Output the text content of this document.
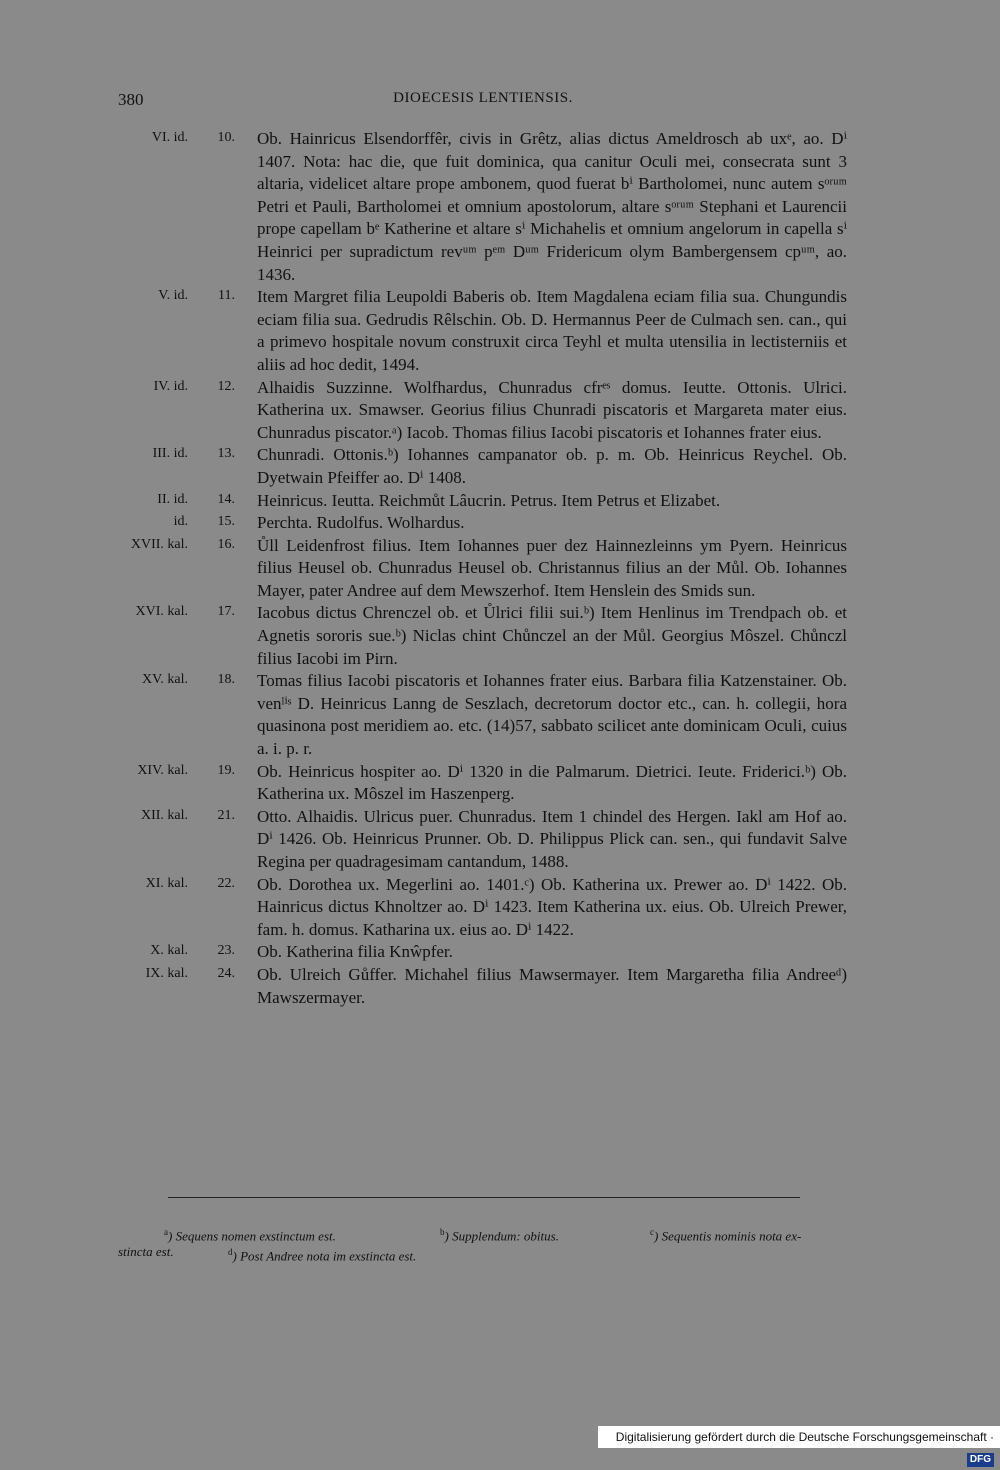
380	DIOECESIS LENTIENSIS.
VI. id.	10. Ob. Hainricus Elsendorffêr, civis in Grêtz, alias dictus Ameldrosch ab uxᵉ, ao. Dⁱ 1407. Nota: hac die, que fuit dominica, qua canitur Oculi mei, consecrata sunt 3 altaria, videlicet altare prope ambonem, quod fuerat bⁱ Bartholomei, nunc autem sᵒʳᵘᵐ Petri et Pauli, Bartholomei et omnium apostolorum, altare sᵒʳᵘᵐ Stephani et Laurencii prope capellam bᵉ Katherine et altare sⁱ Michahelis et omnium angelorum in capella sⁱ Heinrici per supradictum revᵘᵐ pᵉᵐ Dᵘᵐ Fridericum olym Bambergensem cpᵘᵐ, ao. 1436.
V. id.	11. Item Margret filia Leupoldi Baberis ob. Item Magdalena eciam filia sua. Chungundis eciam filia sua. Gedrudis Rêlschin. Ob. D. Hermannus Peer de Culmach sen. can., qui a primevo hospitale novum construxit circa Teyhl et multa utensilia in lectisterniis et aliis ad hoc dedit, 1494.
IV. id.	12. Alhaidis Suzzinne. Wolfhardus, Chunradus cfrᵉˢ domus. Ieutte. Ottonis. Ulrici. Katherina ux. Smawser. Georius filius Chunradi piscatoris et Margareta mater eius. Chunradus piscator.ᵃ) Iacob. Thomas filius Iacobi piscatoris et Iohannes frater eius.
III. id.	13. Chunradi. Ottonis.ᵇ) Iohannes campanator ob. p. m. Ob. Heinricus Reychel. Ob. Dyetwain Pfeiffer ao. Dⁱ 1408.
II. id.	14. Heinricus. Ieutta. Reichmůt Lâucrin. Petrus. Item Petrus et Elizabet.
id.	15. Perchta. Rudolfus. Wolhardus.
XVII. kal.	16. Ůll Leidenfrost filius. Item Iohannes puer dez Hainnezleinns ym Pyern. Heinricus filius Heusel ob. Chunradus Heusel ob. Christannus filius an der Můl. Ob. Iohannes Mayer, pater Andree auf dem Mewszerhof. Item Henslein des Smids sun.
XVI. kal.	17. Iacobus dictus Chrenczel ob. et Ůlrici filii sui.ᵇ) Item Henlinus im Trendpach ob. et Agnetis sororis sue.ᵇ) Niclas chint Chůnczel an der Můl. Georgius Môszel. Chůnczl filius Iacobi im Pirn.
XV. kal.	18. Tomas filius Iacobi piscatoris et Iohannes frater eius. Barbara filia Katzenstainer. Ob. venˡⁱˢ D. Heinricus Lanng de Seszlach, decretorum doctor etc., can. h. collegii, hora quasinona post meridiem ao. etc. (14)57, sabbato scilicet ante dominicam Oculi, cuius a. i. p. r.
XIV. kal.	19. Ob. Heinricus hospiter ao. Dⁱ 1320 in die Palmarum. Dietrici. Ieute. Friderici.ᵇ) Ob. Katherina ux. Môszel im Haszenperg.
XII. kal.	21. Otto. Alhaidis. Ulricus puer. Chunradus. Item 1 chindel des Hergen. Iakl am Hof ao. Dⁱ 1426. Ob. Heinricus Prunner. Ob. D. Philippus Plick can. sen., qui fundavit Salve Regina per quadragesimam cantandum, 1488.
XI. kal.	22. Ob. Dorothea ux. Megerlini ao. 1401.ᶜ) Ob. Katherina ux. Prewer ao. Dⁱ 1422. Ob. Hainricus dictus Khnoltzer ao. Dⁱ 1423. Item Katherina ux. eius. Ob. Ulreich Prewer, fam. h. domus. Katharina ux. eius ao. Dⁱ 1422.
X. kal.	23. Ob. Katherina filia Knŵpfer.
IX. kal.	24. Ob. Ulreich Gůffer. Michahel filius Mawsermayer. Item Margaretha filia Andreeᵈ) Mawszermayer.
$^a$) Sequens nomen exstinctum est.	$^b$) Supplendum: obitus.	$^c$) Sequentis nominis nota ex-
stincta est.	$^d$) Post Andree nota im exstincta est.
Digitalisierung gefördert durch die Deutsche Forschungsgemeinschaft · DFG
